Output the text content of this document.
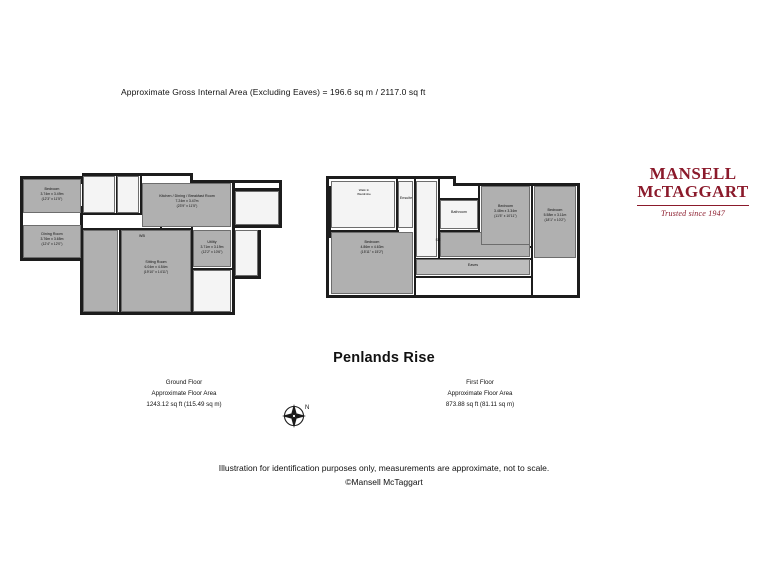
Approximate Gross Internal Area (Excluding Eaves) = 196.6 sq m / 2117.0 sq ft
Bedroom
3.74m x 3.49m
(12'3" x 11'5")
Kitchen / Dining / Breakfast Room
7.24m x 3.47m
(23'9" x 11'5")
Dining Room
3.76m x 3.65m
(12'4" x 12'0")
Sitting Room
6.04m x 4.54m
(19'10" x 14'11")
Utility
3.71m x 3.19m
(12'2" x 10'6")
WB
Walk In
Wardrobe
Ensuite
Bathroom
Bedroom
3.48m x 3.34m
(11'5" x 10'11")
Bedroom
5.58m x 3.11m
(18'1" x 10'2")
Bedroom
4.86m x 4.63m
(15'11" x 15'2")
SK
Eaves
Penlands Rise
Ground Floor
Approximate Floor Area
1243.12 sq ft (115.49 sq m)
First Floor
Approximate Floor Area
873.88 sq ft (81.11 sq m)
N
MANSELL
McTAGGART
Trusted since 1947
Illustration for identification purposes only, measurements are approximate, not to scale.
©Mansell McTaggart
